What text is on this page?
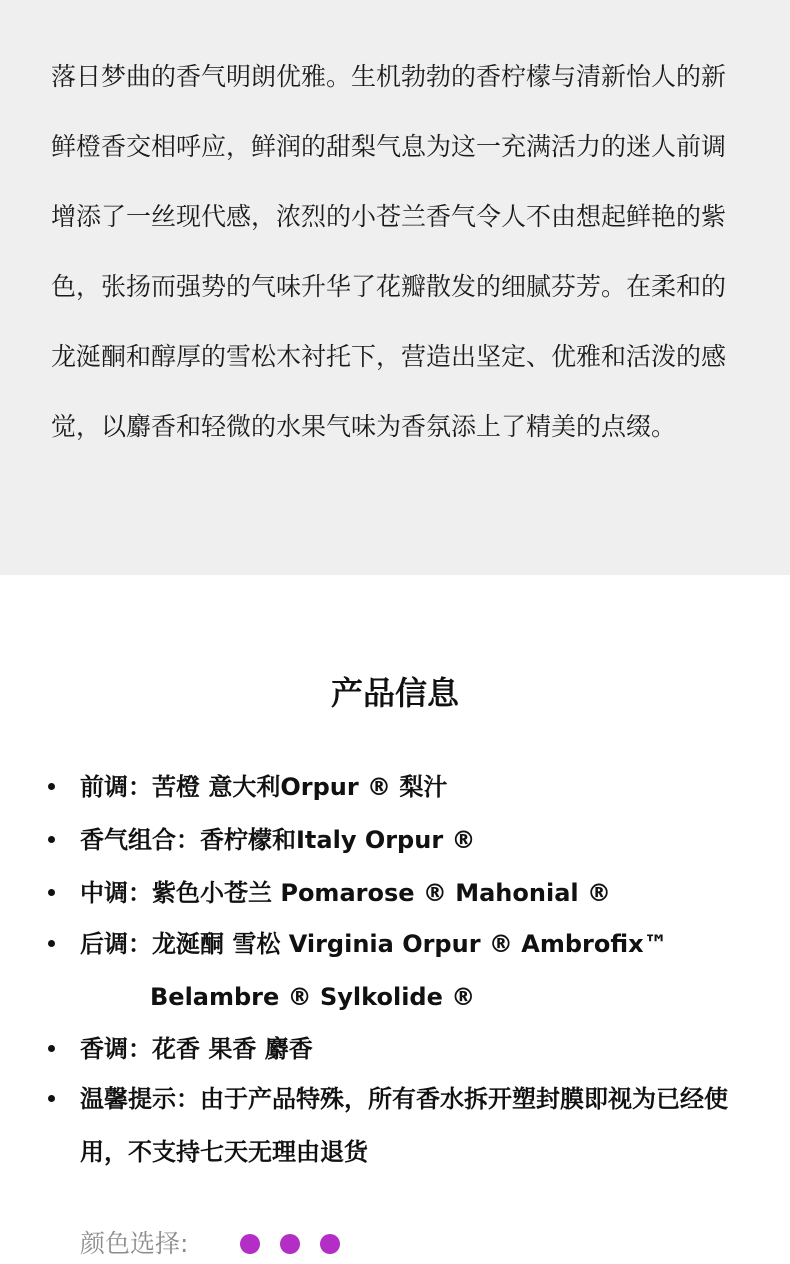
落日梦曲的香气明朗优雅。生机勃勃的香柠檬与清新怡人的新鲜橙香交相呼应，鲜润的甜梨气息为这一充满活力的迷人前调增添了一丝现代感，浓烈的小苍兰香气令人不由想起鲜艳的紫色，张扬而强势的气味升华了花瓣散发的细腻芬芳。在柔和的龙涎酮和醇厚的雪松木衬托下，营造出坚定、优雅和活泼的感觉，以麝香和轻微的水果气味为香氛添上了精美的点缀。

产品信息
前调：苦橙 意大利Orpur ® 梨汁
香气组合：香柠檬和Italy Orpur ®
中调：紫色小苍兰 Pomarose ® Mahonial ®
后调：龙涎酮 雪松 Virginia Orpur ® Ambrofix™
Belambre ® Sylkolide ®
香调：花香 果香 麝香
温馨提示：由于产品特殊，所有香水拆开塑封膜即视为已经使用，不支持七天无理由退货
颜色选择:
